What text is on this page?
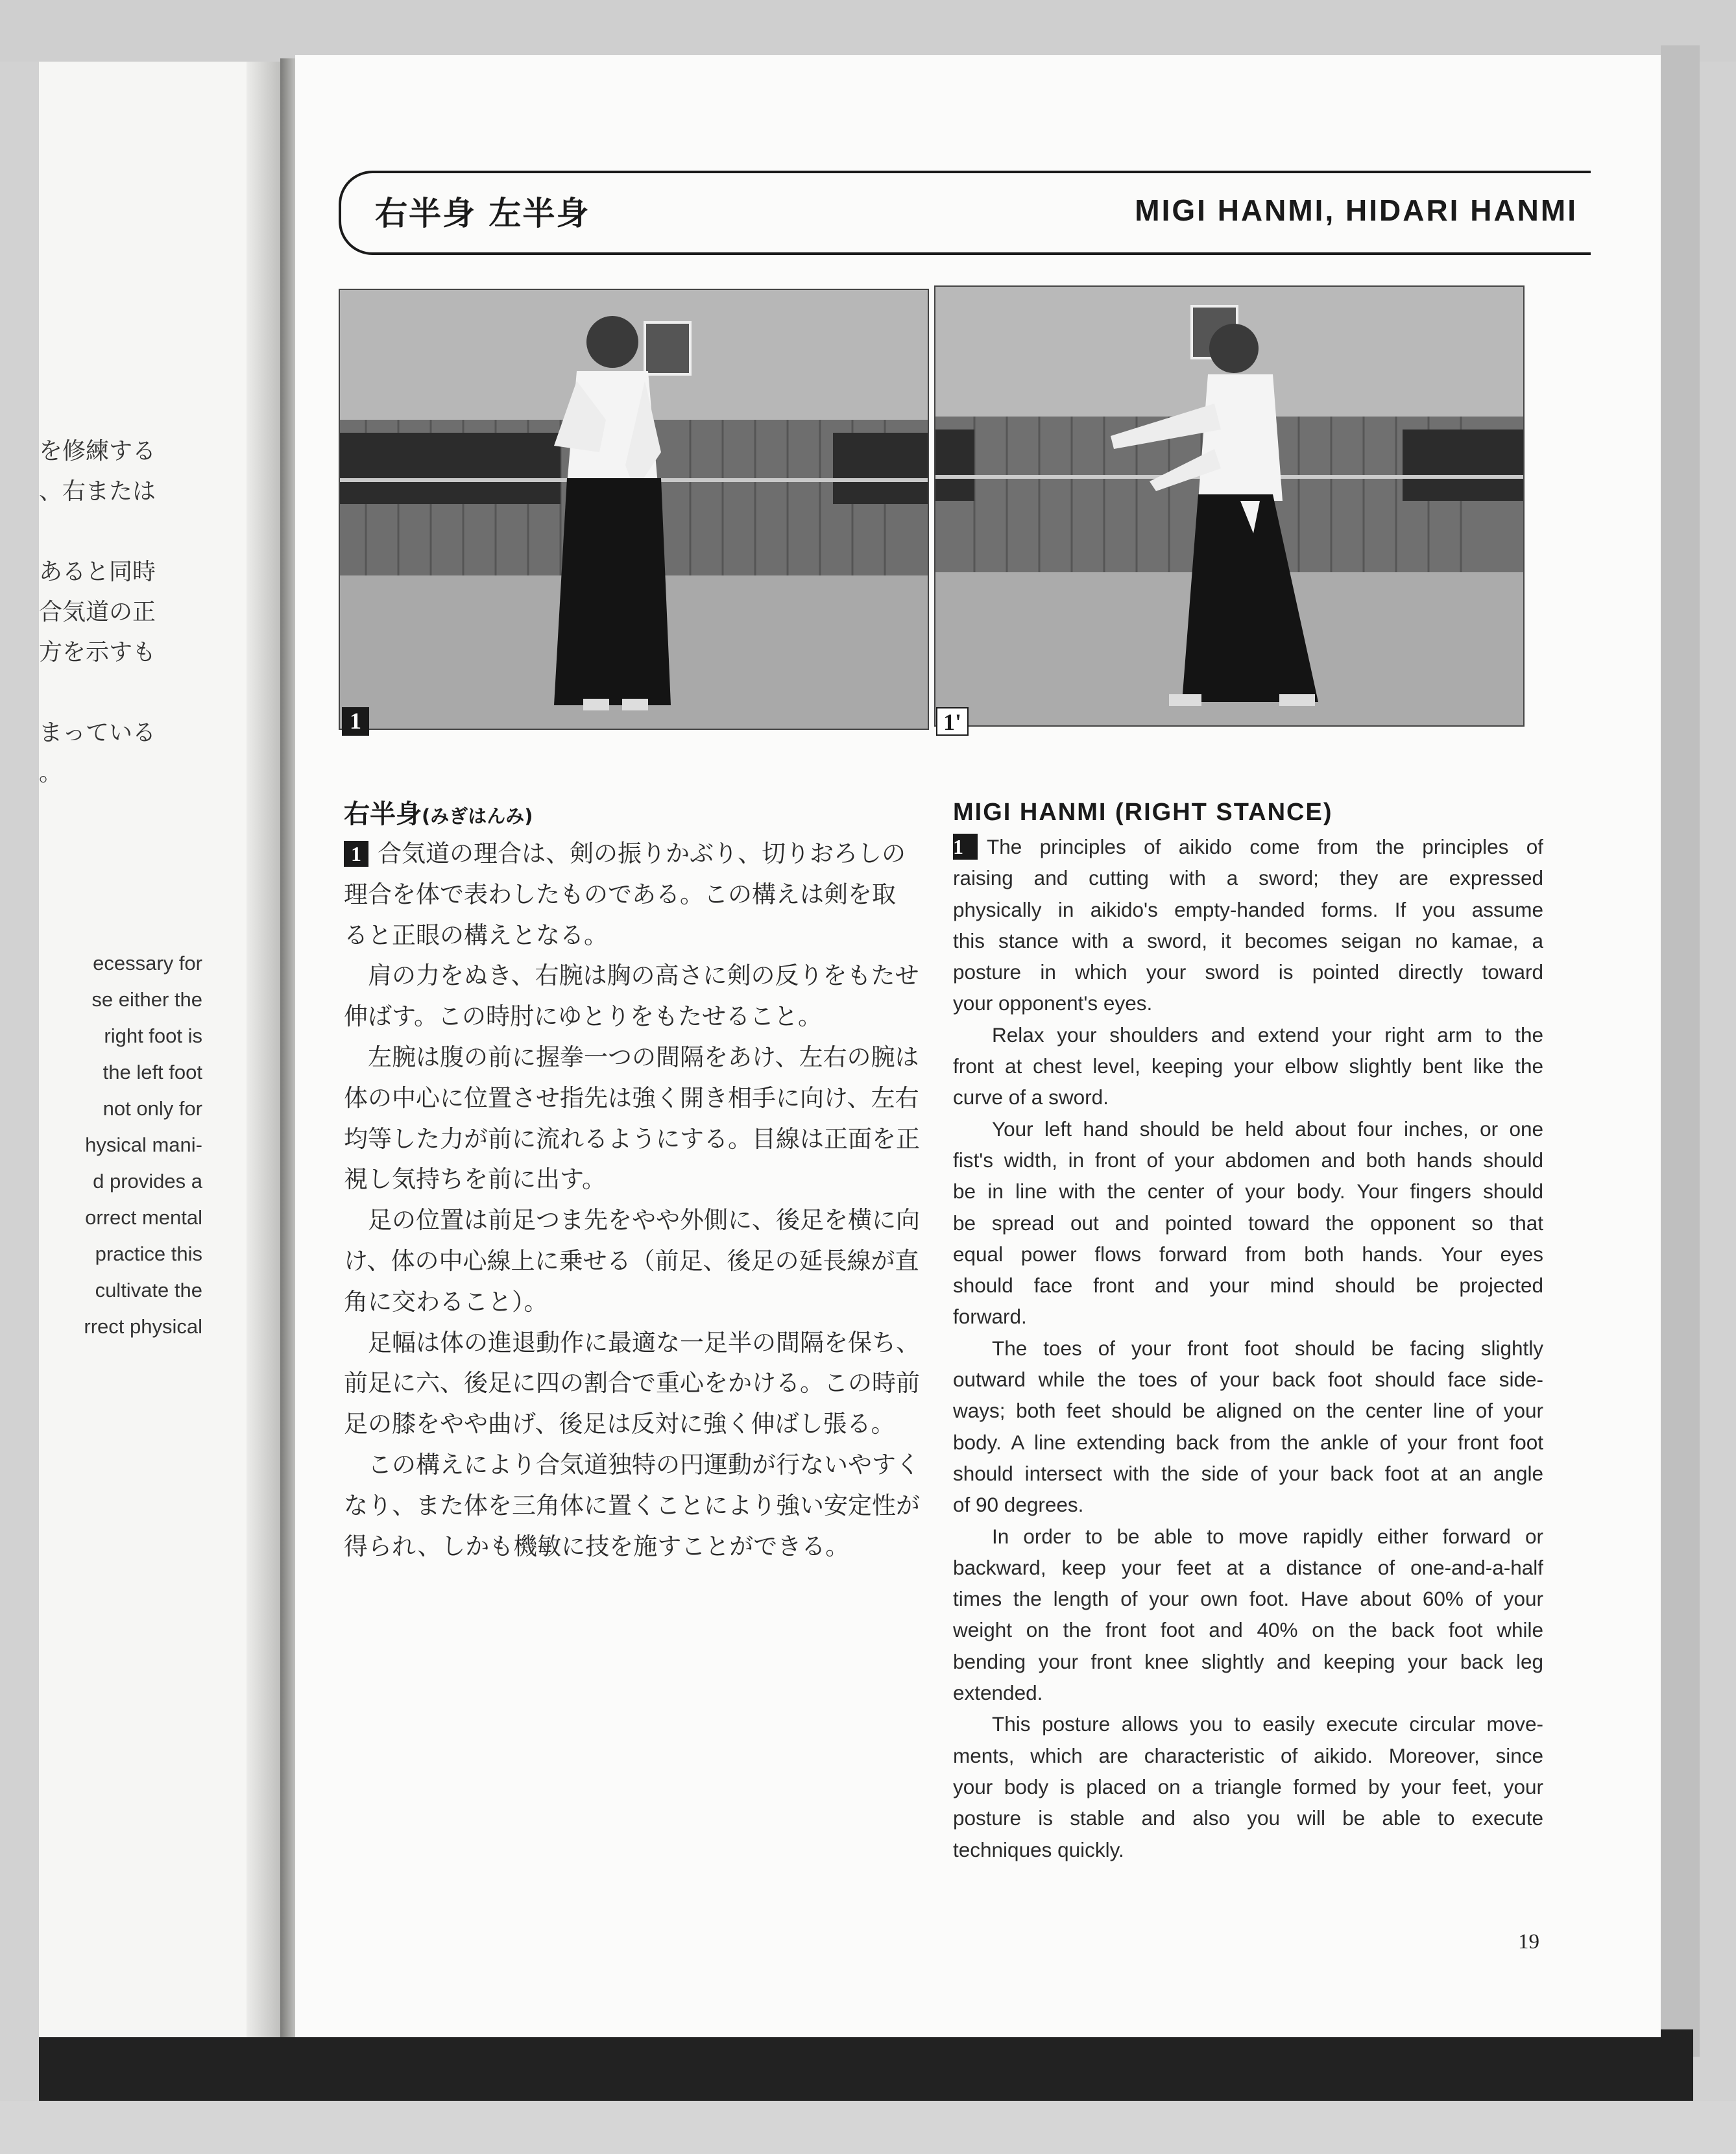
を修練する
、右または
あると同時
合気道の正
方を示すも
まっている
。
ecessary for
se either the
right foot is
the left foot
not only for
hysical mani-
d provides a
orrect mental
practice this
cultivate the
rrect physical
右半身 左半身	MIGI HANMI, HIDARI HANMI
1	1'
右半身(みぎはんみ)
1 合気道の理合は、剣の振りかぶり、切りおろしの
理合を体で表わしたものである。この構えは剣を取
ると正眼の構えとなる。
　肩の力をぬき、右腕は胸の高さに剣の反りをもたせ
伸ばす。この時肘にゆとりをもたせること。
　左腕は腹の前に握拳一つの間隔をあけ、左右の腕は
体の中心に位置させ指先は強く開き相手に向け、左右
均等した力が前に流れるようにする。目線は正面を正
視し気持ちを前に出す。
　足の位置は前足つま先をやや外側に、後足を横に向
け、体の中心線上に乗せる（前足、後足の延長線が直
角に交わること）。
　足幅は体の進退動作に最適な一足半の間隔を保ち、
前足に六、後足に四の割合で重心をかける。この時前
足の膝をやや曲げ、後足は反対に強く伸ばし張る。
　この構えにより合気道独特の円運動が行ないやすく
なり、また体を三角体に置くことにより強い安定性が
得られ、しかも機敏に技を施すことができる。
MIGI HANMI (RIGHT STANCE)
1 The principles of aikido come from the principles of
raising and cutting with a sword; they are expressed
physically in aikido's empty-handed forms. If you assume
this stance with a sword, it becomes seigan no kamae, a
posture in which your sword is pointed directly toward
your opponent's eyes.
Relax your shoulders and extend your right arm to the
front at chest level, keeping your elbow slightly bent like the
curve of a sword.
Your left hand should be held about four inches, or one
fist's width, in front of your abdomen and both hands should
be in line with the center of your body. Your fingers should
be spread out and pointed toward the opponent so that
equal power flows forward from both hands. Your eyes
should face front and your mind should be projected
forward.
The toes of your front foot should be facing slightly
outward while the toes of your back foot should face side-
ways; both feet should be aligned on the center line of your
body. A line extending back from the ankle of your front foot
should intersect with the side of your back foot at an angle
of 90 degrees.
In order to be able to move rapidly either forward or
backward, keep your feet at a distance of one-and-a-half
times the length of your own foot. Have about 60% of your
weight on the front foot and 40% on the back foot while
bending your front knee slightly and keeping your back leg
extended.
This posture allows you to easily execute circular move-
ments, which are characteristic of aikido. Moreover, since
your body is placed on a triangle formed by your feet, your
posture is stable and also you will be able to execute
techniques quickly.
19
